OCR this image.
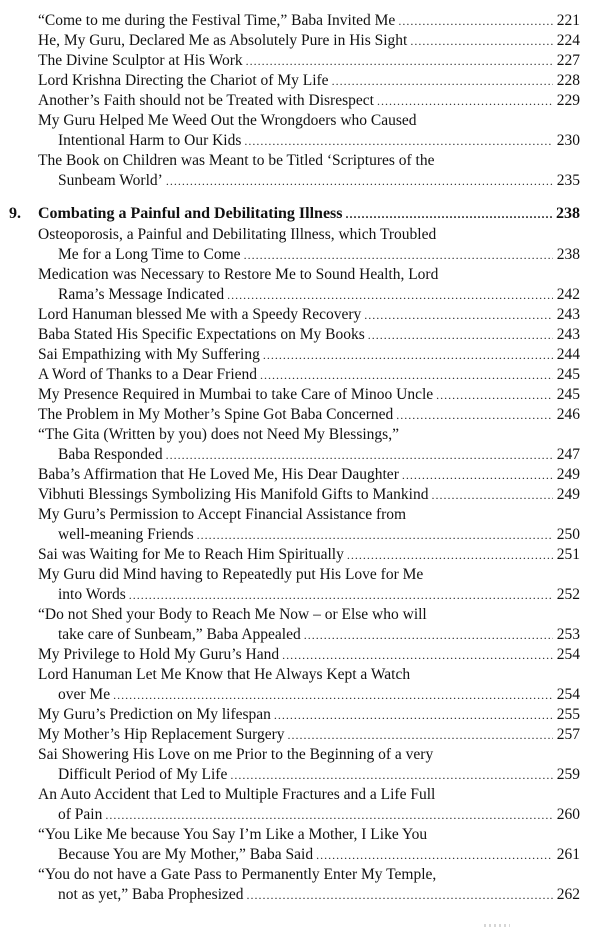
“Come to me during the Festival Time,” Baba Invited Me .....	221
He, My Guru, Declared Me as Absolutely Pure in His Sight .....	224
The Divine Sculptor at His Work .....	227
Lord Krishna Directing the Chariot of My Life .....	228
Another’s Faith should not be Treated with Disrespect .....	229
My Guru Helped Me Weed Out the Wrongdoers who Caused
Intentional Harm to Our Kids .....	230
The Book on Children was Meant to be Titled ‘Scriptures of the
Sunbeam World’ .....	235
9. Combating a Painful and Debilitating Illness .....	238
Osteoporosis, a Painful and Debilitating Illness, which Troubled
Me for a Long Time to Come .....	238
Medication was Necessary to Restore Me to Sound Health, Lord
Rama’s Message Indicated .....	242
Lord Hanuman blessed Me with a Speedy Recovery .....	243
Baba Stated His Specific Expectations on My Books .....	243
Sai Empathizing with My Suffering .....	244
A Word of Thanks to a Dear Friend .....	245
My Presence Required in Mumbai to take Care of Minoo Uncle .....	245
The Problem in My Mother’s Spine Got Baba Concerned .....	246
“The Gita (Written by you) does not Need My Blessings,”
Baba Responded .....	247
Baba’s Affirmation that He Loved Me, His Dear Daughter .....	249
Vibhuti Blessings Symbolizing His Manifold Gifts to Mankind .....	249
My Guru’s Permission to Accept Financial Assistance from
well-meaning Friends .....	250
Sai was Waiting for Me to Reach Him Spiritually .....	251
My Guru did Mind having to Repeatedly put His Love for Me
into Words .....	252
“Do not Shed your Body to Reach Me Now – or Else who will
take care of Sunbeam,” Baba Appealed .....	253
My Privilege to Hold My Guru’s Hand .....	254
Lord Hanuman Let Me Know that He Always Kept a Watch
over Me .....	254
My Guru’s Prediction on My lifespan .....	255
My Mother’s Hip Replacement Surgery .....	257
Sai Showering His Love on me Prior to the Beginning of a very
Difficult Period of My Life .....	259
An Auto Accident that Led to Multiple Fractures and a Life Full
of Pain .....	260
“You Like Me because You Say I’m Like a Mother, I Like You
Because You are My Mother,” Baba Said .....	261
“You do not have a Gate Pass to Permanently Enter My Temple,
not as yet,” Baba Prophesized .....	262
